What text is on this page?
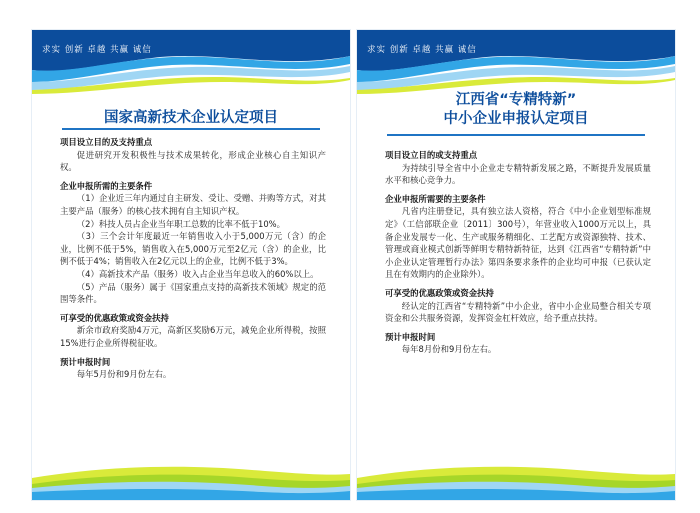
求实 创新 卓越 共赢 诚信
国家高新技术企业认定项目
项目设立目的及支持重点

促进研究开发积极性与技术成果转化，形成企业核心自主知识产权。

企业申报所需的主要条件

（1）企业近三年内通过自主研发、受让、受赠、并购等方式，对其主要产品（服务）的核心技术拥有自主知识产权。

（2）科技人员占企业当年职工总数的比率不低于10%。

（3）三个会计年度最近一年销售收入小于5,000万元（含）的企业，比例不低于5%，销售收入在5,000万元至2亿元（含）的企业，比例不低于4%；销售收入在2亿元以上的企业，比例不低于3%。

（4）高新技术产品（服务）收入占企业当年总收入的60%以上。

（5）产品（服务）属于《国家重点支持的高新技术领域》规定的范围等条件。

可享受的优惠政策或资金扶持

新余市政府奖励4万元，高新区奖励6万元，减免企业所得税，按照15%进行企业所得税征收。

预计申报时间

每年5月份和9月份左右。

求实 创新 卓越 共赢 诚信
江西省“专精特新”
中小企业申报认定项目
项目设立目的或支持重点

为持续引导全省中小企业走专精特新发展之路，不断提升发展质量水平和核心竞争力。

企业申报所需要的主要条件

凡省内注册登记，具有独立法人资格，符合《中小企业划型标准规定》（工信部联企业〔2011〕300号），年营业收入1000万元以上，具备企业发展专一化、生产或服务精细化、工艺配方或资源独特、技术、管理或商业模式创新等鲜明专精特新特征，达到《江西省“专精特新”中小企业认定管理暂行办法》第四条要求条件的企业均可申报（已获认定且在有效期内的企业除外）。

可享受的优惠政策或资金扶持

经认定的江西省“专精特新”中小企业，省中小企业局整合相关专项资金和公共服务资源，发挥资金杠杆效应，给予重点扶持。

预计申报时间

每年8月份和9月份左右。
